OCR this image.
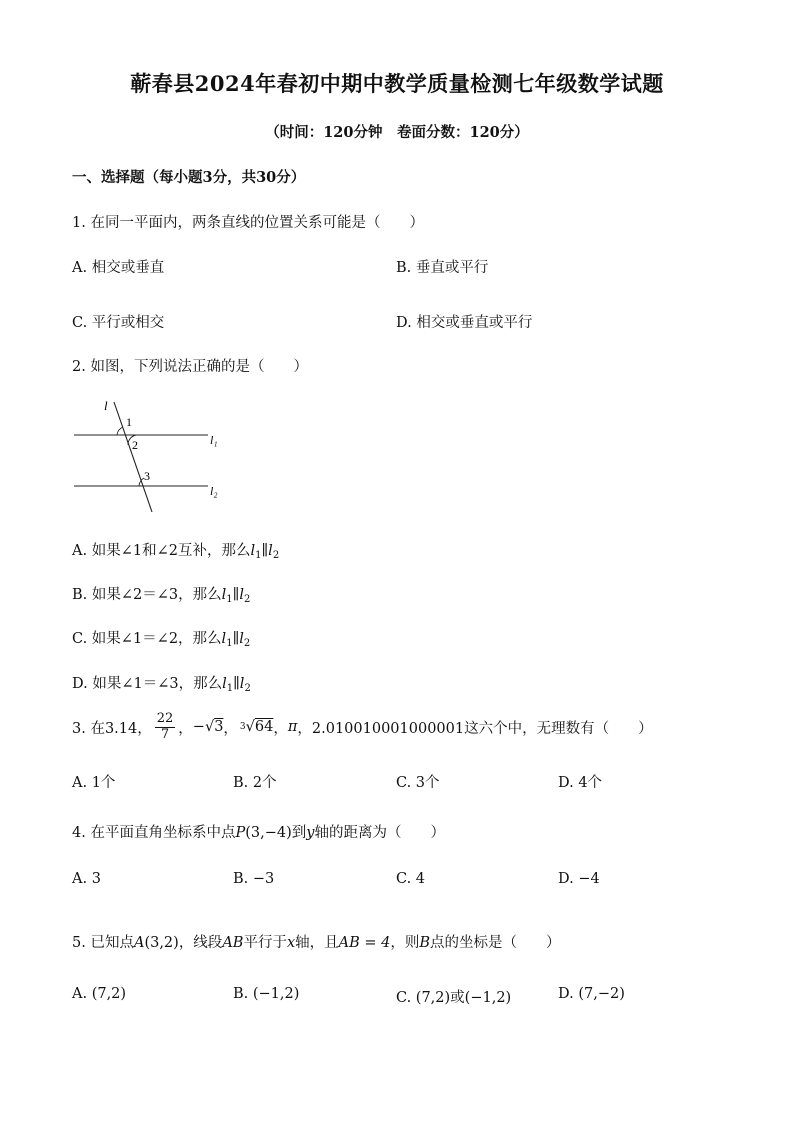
蕲春县2024年春初中期中教学质量检测七年级数学试题
（时间：120分钟　卷面分数：120分）
一、选择题（每小题3分，共30分）
1. 在同一平面内，两条直线的位置关系可能是（　　）
A. 相交或垂直	B. 垂直或平行
C. 平行或相交	D. 相交或垂直或平行
2. 如图，下列说法正确的是（　　）
l
1
2
3
l₁
l₂
A. 如果∠1和∠2互补，那么$l_1\parallel l_2$
B. 如果∠2＝∠3，那么$l_1\parallel l_2$
C. 如果∠1＝∠2，那么$l_1\parallel l_2$
D. 如果∠1＝∠3，那么$l_1\parallel l_2$
3. 在 3.14， $\frac{22}{7}$ ， −√ 3 ， 3 √ 64 ， π ， 2.010010001000001这六个中，无理数有（　　）
A. 1个	B. 2个	C. 3个	D. 4个
4. 在平面直角坐标系中点P(3,−4)到y轴的距离为（　　）
A. 3	B. −3	C. 4	D. −4
5. 已知点A(3,2)，线段AB平行于x轴，且AB = 4，则B点的坐标是（　　）
A. (7,2)	B. (−1,2)	C. (7,2)或(−1,2)	D. (7,−2)
